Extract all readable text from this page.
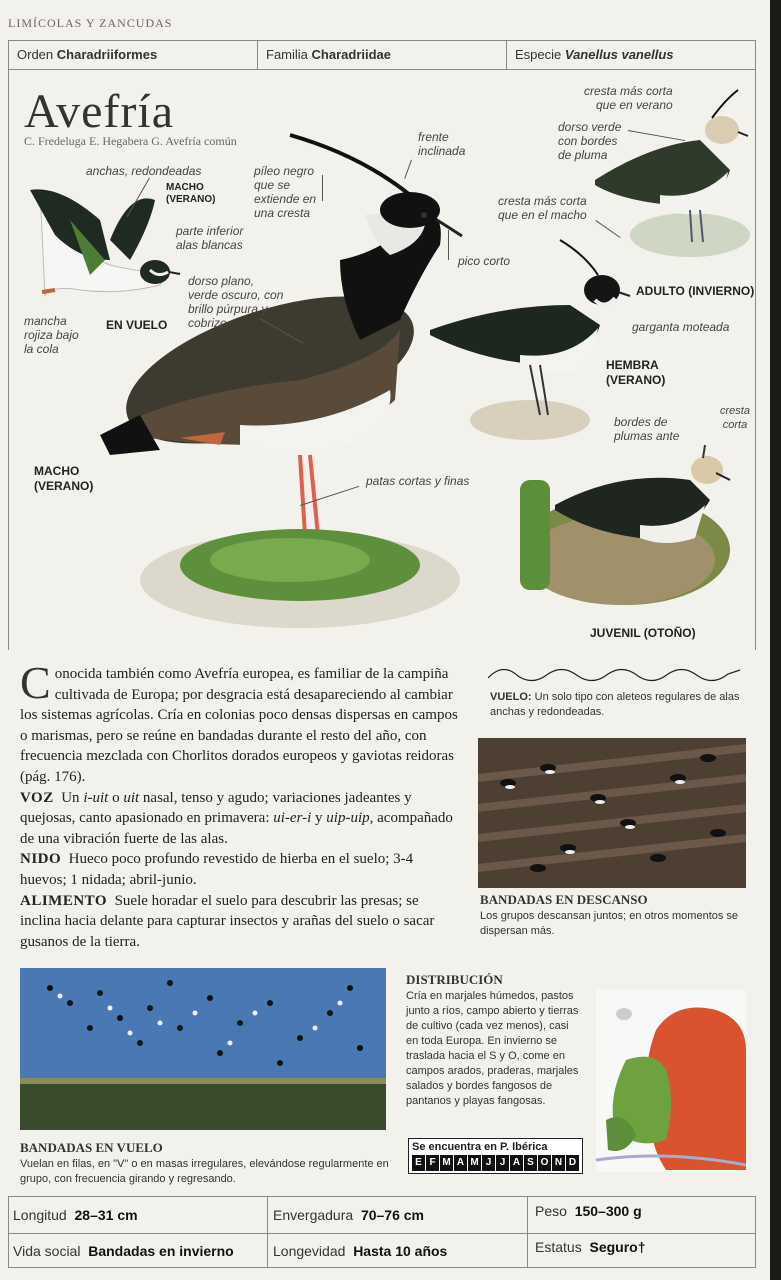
LIMÍCOLAS Y ZANCUDAS
Orden Charadriiformes	Familia Charadriidae	Especie Vanellus vanellus
Avefría
C. Fredeluga E. Hegabera G. Avefría común
anchas, redondeadas
MACHO
(VERANO)
parte inferior
alas blancas
mancha
rojiza bajo
la cola
EN VUELO
píleo negro
que se
extiende en
una cresta
frente
inclinada
pico corto
dorso plano,
verde oscuro, con
brillo púrpura y
cobrizo
MACHO
(VERANO)	patas cortas y finas
cresta más corta
que en verano
dorso verde
con bordes
de pluma
ADULTO (INVIERNO)
cresta más corta
que en el macho
garganta moteada
HEMBRA
(VERANO)
bordes de
plumas ante
cresta
corta
JUVENIL (OTOÑO)
Conocida también como Avefría europea, es familiar de la campiña cultivada de Europa; por desgracia está desapareciendo al cambiar los sistemas agrícolas. Cría en colonias poco densas dispersas en campos o marismas, pero se reúne en bandadas durante el resto del año, con frecuencia mezclada con Chorlitos dorados europeos y gaviotas reidoras (pág. 176).
VOZ Un i-uit o uit nasal, tenso y agudo; variaciones jadeantes y quejosas, canto apasionado en primavera: ui-er-i y uip-uip, acompañado de una vibración fuerte de las alas.
NIDO Hueco poco profundo revestido de hierba en el suelo; 3-4 huevos; 1 nidada; abril-junio.
ALIMENTO Suele horadar el suelo para descubrir las presas; se inclina hacia delante para capturar insectos y arañas del suelo o sacar gusanos de la tierra.
VUELO: Un solo tipo con aleteos regulares de alas anchas y redondeadas.
BANDADAS EN DESCANSO
Los grupos descansan juntos; en otros momentos se dispersan más.
BANDADAS EN VUELO
Vuelan en filas, en "V" o en masas irregulares, elevándose regularmente en grupo, con frecuencia girando y regresando.
DISTRIBUCIÓN
Cría en marjales húmedos, pastos junto a ríos, campo abierto y tierras de cultivo (cada vez menos), casi en toda Europa. En invierno se traslada hacia el S y O, come en campos arados, praderas, marjales salados y bordes fangosos de pantanos y playas fangosas.
Se encuentra en P. Ibérica
E F M A M J J A S O N D
Longitud 28–31 cm	Envergadura 70–76 cm	Peso 150–300 g
Vida social Bandadas en invierno	Longevidad Hasta 10 años	Estatus Seguro†
